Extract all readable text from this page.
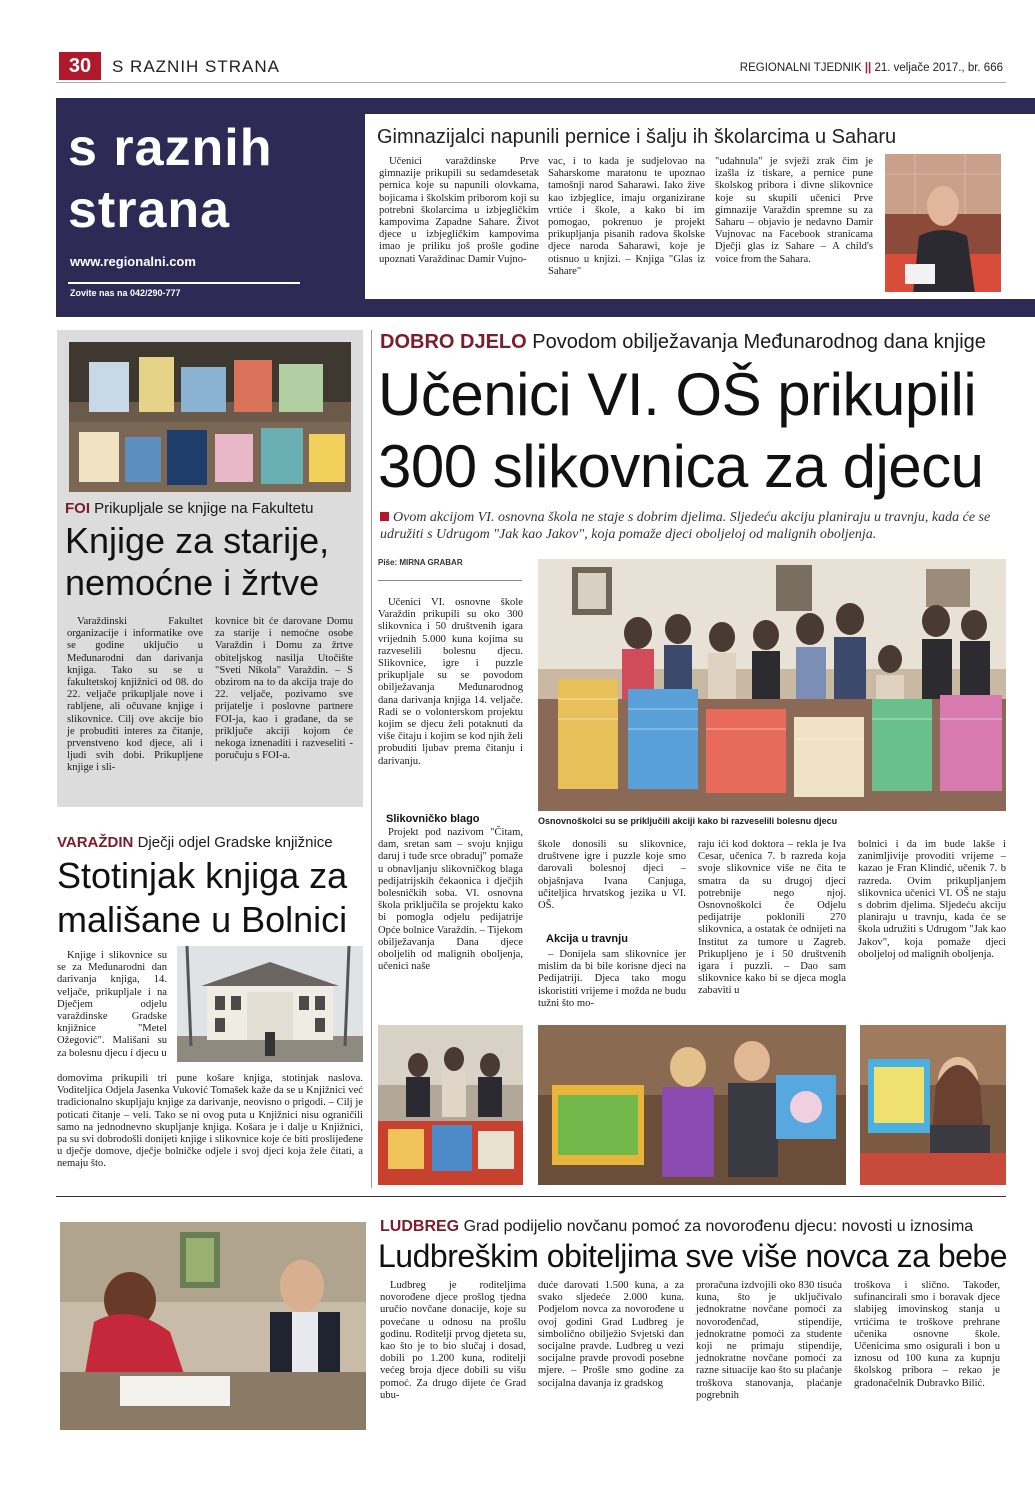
30	S RAZNIH STRANA	REGIONALNI TJEDNIK || 21. veljače 2017., br. 666
s raznih
strana
www.regionalni.com
Zovite nas na 042/290-777
Gimnazijalci napunili pernice i šalju ih školarcima u Saharu

Učenici varaždinske Prve gimnazije prikupili su sedamdesetak pernica koje su napunili olovkama, bojicama i školskim priborom koji su potrebni školarcima u izbjegličkim kampovima Zapadne Saharе. Život djece u izbjegličkim kampovima imao je priliku još prošle godine upoznati Varaždinac Damir Vujno-

vac, i to kada je sudjelovao na Saharskome maratonu te upoznao tamošnji narod Saharawi. Iako žive kao izbjeglice, imaju organizirane vrtiće i škole, a kako bi im pomogao, pokrenuo je projekt prikupljanja pisanih radova školske djece naroda Saharawi, koje je otisnuo u knjizi. – Knjiga "Glas iz Sahare"

"udahnula" je svježi zrak čim je izašla iz tiskare, a pernice pune školskog pribora i divne slikovnice koje su skupili učenici Prve gimnazije Varaždin spremne su za Saharu – objavio je nedavno Damir Vujnovac na Facebook stranicama Dječji glas iz Sahare – A child's voice from the Sahara.

FOI Prikupljale se knjige na Fakultetu
Knjige za starije, nemoćne i žrtve

Varaždinski Fakultet organizacije i informatike ove se godine uključio u Međunarodni dan darivanja knjiga. Tako su se u fakultetskoj knjižnici od 08. do 22. veljače prikupljale nove i rabljene, ali očuvane knjige i slikovnice. Cilj ove akcije bio je probuditi interes za čitanje, prvenstveno kod djece, ali i ljudi svih dobi. Prikupljene knjige i sli-

kovnice bit će darovane Domu za starije i nemoćne osobe Varaždin i Domu za žrtve obiteljskog nasilja Utočište "Sveti Nikola" Varaždin. – S obzirom na to da akcija traje do 22. veljače, pozivamo sve prijatelje i poslovne partnere FOI-ja, kao i građane, da se priključe akciji kojom će nekoga iznenaditi i razveseliti - poručuju s FOI-a.

VARAŽDIN Dječji odjel Gradske knjižnice
Stotinjak knjiga za mališane u Bolnici

Knjige i slikovnice su se za Međunarodni dan darivanja knjiga, 14. veljače, prikupljale i na Dječjem odjelu varaždinske Gradske knjižnice "Metel Ožegović". Mališani su za bolesnu djecu i djecu u

domovima prikupili tri pune košare knjiga, stotinjak naslova. Voditeljica Odjela Jasenka Vuković Tomašek kaže da se u Knjižnici već tradicionalno skupljaju knjige za darivanje, neovisno o prigodi. – Cilj je poticati čitanje – veli. Tako se ni ovog puta u Knjižnici nisu ograničili samo na jednodnevno skupljanje knjiga. Košara je i dalje u Knjižnici, pa su svi dobrodošli donijeti knjige i slikovnice koje će biti proslijeđene u dječje domove, dječje bolničke odjele i svoj djeci koja žele čitati, a nemaju što.

DOBRO DJELO Povodom obilježavanja Međunarodnog dana knjige
Učenici VI. OŠ prikupili
300 slikovnica za djecu
Ovom akcijom VI. osnovna škola ne staje s dobrim djelima. Sljedeću akciju planiraju u travnju, kada će se udružiti s Udrugom "Jak kao Jakov", koja pomaže djeci oboljeloj od malignih oboljenja.
Piše: MIRNA GRABAR

Učenici VI. osnovne škole Varaždin prikupili su oko 300 slikovnica i 50 društvenih igara vrijednih 5.000 kuna kojima su razveselili bolesnu djecu. Slikovnice, igre i puzzle prikupljale su se povodom obilježavanja Međunarodnog dana darivanja knjiga 14. veljače. Radi se o volonterskom projektu kojim se djecu želi potaknuti da više čitaju i kojim se kod njih želi probuditi ljubav prema čitanju i darivanju.

Osnovnoškolci su se priključili akciji kako bi razveselili bolesnu djecu
Slikovničko blago

Projekt pod nazivom "Čitam, dam, sretan sam – svoju knjigu daruj i tuđe srce obraduj" pomaže u obnavljanju slikovničkog blaga pedijatrijskih čekaonica i dječjih bolesničkih soba. VI. osnovna škola priključila se projektu kako bi pomogla odjelu pedijatrije Opće bolnice Varaždin. – Tijekom obilježavanja Dana djece oboljelih od malignih oboljenja, učenici naše

škole donosili su slikovnice, društvene igre i puzzle koje smo darovali bolesnoj djeci – objašnjava Ivana Canjuga, učiteljica hrvatskog jezika u VI. OŠ.

Akcija u travnju

– Donijela sam slikovnice jer mislim da bi bile korisne djeci na Pedijatriji. Djeca tako mogu iskoristiti vrijeme i možda ne budu tužni što mo-

raju ići kod doktora – rekla je Iva Cesar, učenica 7. b razreda koja svoje slikovnice više ne čita te smatra da su drugoj djeci potrebnije nego njoj. Osnovnoškolci če Odjelu pedijatrije poklonili 270 slikovnica, a ostatak će odnijeti na Institut za tumore u Zagreb. Prikupljeno je i 50 društvenih igara i puzzli. – Dao sam slikovnice kako bi se djeca mogla zabaviti u

bolnici i da im bude lakše i zanimljivije provoditi vrijeme – kazao je Fran Klindić, učenik 7. b razreda. Ovim prikupljanjem slikovnica učenici VI. OŠ ne staju s dobrim djelima. Sljedeću akciju planiraju u travnju, kada će se škola udružiti s Udrugom "Jak kao Jakov", koja pomaže djeci oboljeloj od malignih oboljenja.

LUDBREG Grad podijelio novčanu pomoć za novorođenu djecu: novosti u iznosima
Ludbreškim obiteljima sve više novca za bebe

Ludbreg je roditeljima novorođene djece prošlog tjedna uručio novčane donacije, koje su povećane u odnosu na prošlu godinu. Roditelji prvog djeteta su, kao što je to bio slučaj i dosad, dobili po 1.200 kuna, roditelji većeg broja djece dobili su višu pomoć. Za drugo dijete će Grad ubu-

duće darovati 1.500 kuna, a za svako sljedeće 2.000 kuna. Podjelom novca za novorođene u ovoj godini Grad Ludbreg je simbolično obilježio Svjetski dan socijalne pravde. Ludbreg u vezi socijalne pravde provodi posebne mjere. – Prošle smo godine za socijalna davanja iz gradskog

proračuna izdvojili oko 830 tisuća kuna, što je uključivalo jednokratne novčane pomoći za novorođenčad, stipendije, jednokratne pomoći za studente koji ne primaju stipendije, jednokratne novčane pomoći za razne situacije kao što su plaćanje troškova stanovanja, plaćanje pogrebnih

troškova i slično. Također, sufinancirali smo i boravak djece slabijeg imovinskog stanja u vrtićima te troškove prehrane učenika osnovne škole. Učenicima smo osigurali i bon u iznosu od 100 kuna za kupnju školskog pribora – rekao je gradonačelnik Dubravko Bilić.
